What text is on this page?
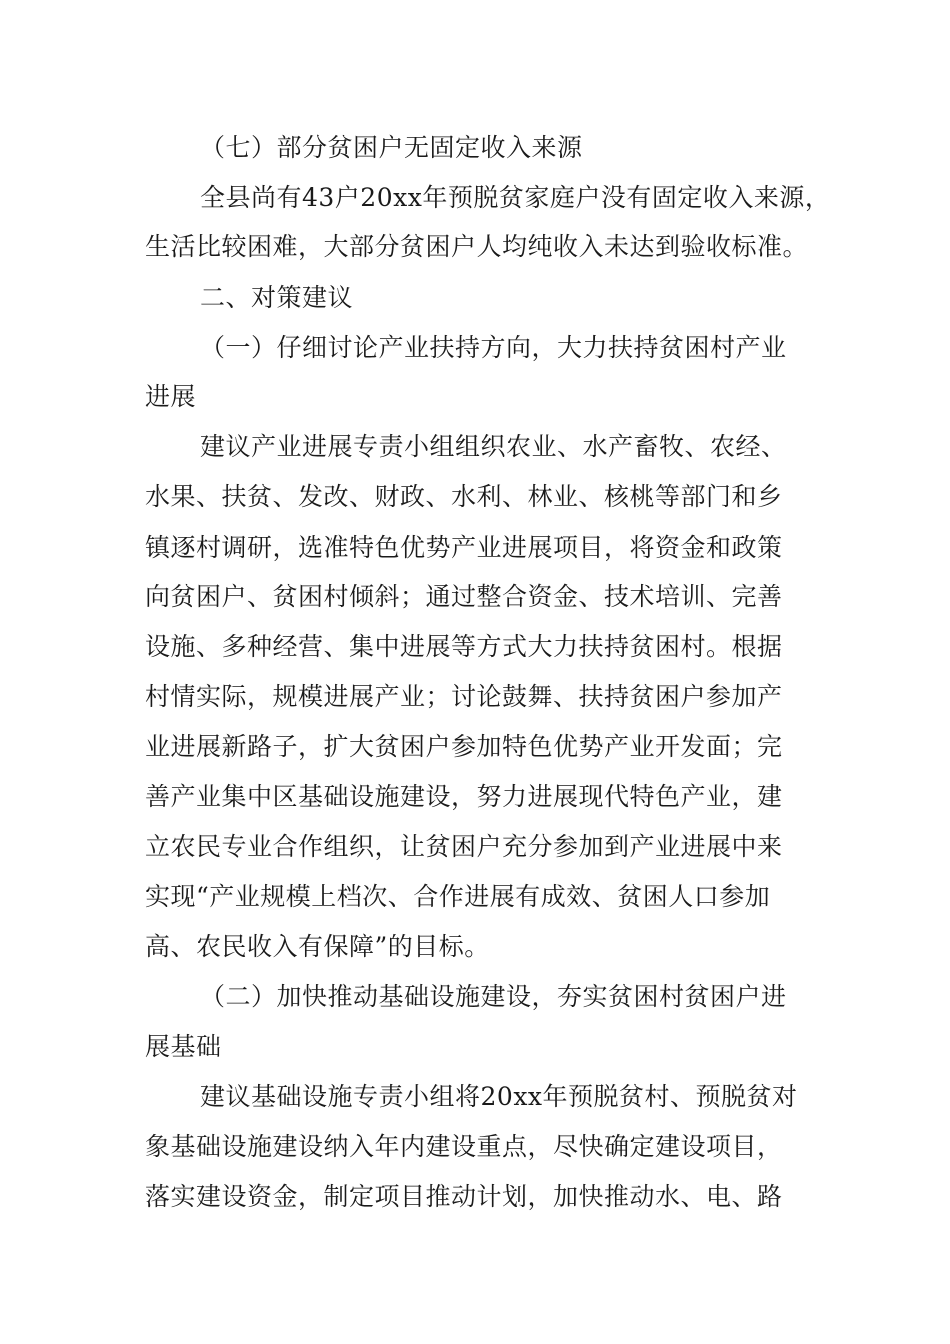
（七）部分贫困户无固定收入来源
全县尚有43户20xx年预脱贫家庭户没有固定收入来源，
生活比较困难，大部分贫困户人均纯收入未达到验收标准。
二、对策建议
（一）仔细讨论产业扶持方向，大力扶持贫困村产业
进展
建议产业进展专责小组组织农业、水产畜牧、农经、
水果、扶贫、发改、财政、水利、林业、核桃等部门和乡
镇逐村调研，选准特色优势产业进展项目，将资金和政策
向贫困户、贫困村倾斜；通过整合资金、技术培训、完善
设施、多种经营、集中进展等方式大力扶持贫困村。根据
村情实际，规模进展产业；讨论鼓舞、扶持贫困户参加产
业进展新路子，扩大贫困户参加特色优势产业开发面；完
善产业集中区基础设施建设，努力进展现代特色产业，建
立农民专业合作组织，让贫困户充分参加到产业进展中来
实现“产业规模上档次、合作进展有成效、贫困人口参加
高、农民收入有保障”的目标。
（二）加快推动基础设施建设，夯实贫困村贫困户进
展基础
建议基础设施专责小组将20xx年预脱贫村、预脱贫对
象基础设施建设纳入年内建设重点，尽快确定建设项目，
落实建设资金，制定项目推动计划，加快推动水、电、路
